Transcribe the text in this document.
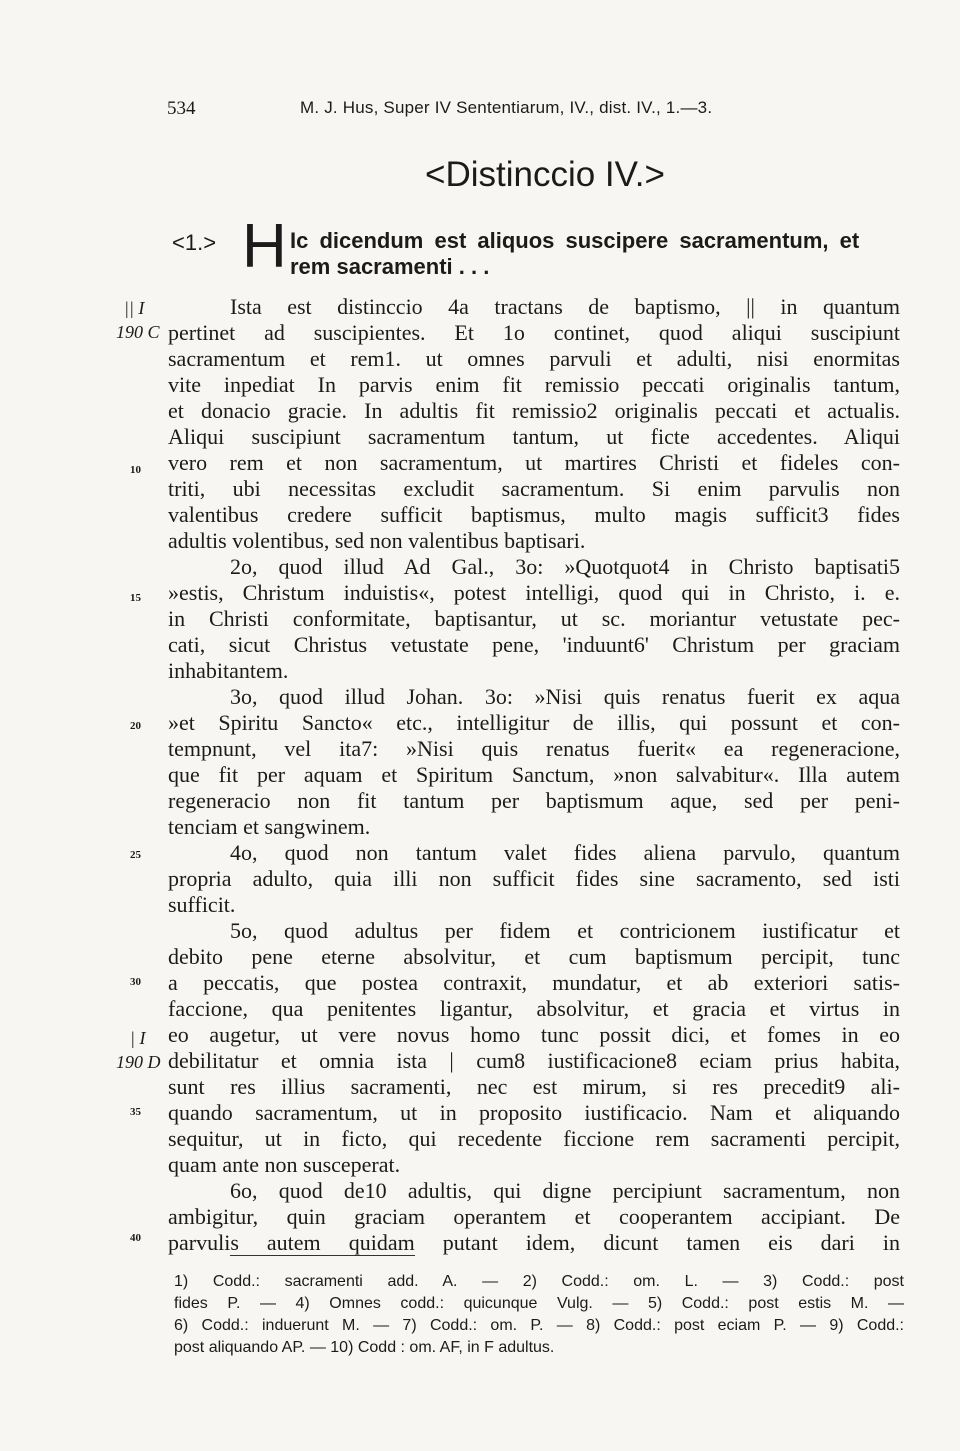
534	M. J. Hus, Super IV Sententiarum, IV., dist. IV., 1.—3.
<Distinccio IV.>
<1.> H Ic dicendum est aliquos suscipere sacramentum, et
rem sacramenti . . .
|| I
190 C
| I
190 D
10
15
20
25
30
35
40
Ista est distinccio 4a tractans de baptismo, || in quantum
pertinet ad suscipientes. Et 1o continet, quod aliqui suscipiunt
sacramentum et rem1. ut omnes parvuli et adulti, nisi enormitas
vite inpediat In parvis enim fit remissio peccati originalis tantum,
et donacio gracie. In adultis fit remissio2 originalis peccati et actualis.
Aliqui suscipiunt sacramentum tantum, ut ficte accedentes. Aliqui
vero rem et non sacramentum, ut martires Christi et fideles con-
triti, ubi necessitas excludit sacramentum. Si enim parvulis non
valentibus credere sufficit baptismus, multo magis sufficit3 fides
adultis volentibus, sed non valentibus baptisari.
2o, quod illud Ad Gal., 3o: »Quotquot4 in Christo baptisati5
»estis, Christum induistis«, potest intelligi, quod qui in Christo, i. e.
in Christi conformitate, baptisantur, ut sc. moriantur vetustate pec-
cati, sicut Christus vetustate pene, 'induunt6' Christum per graciam
inhabitantem.
3o, quod illud Johan. 3o: »Nisi quis renatus fuerit ex aqua
»et Spiritu Sancto« etc., intelligitur de illis, qui possunt et con-
tempnunt, vel ita7: »Nisi quis renatus fuerit« ea regeneracione,
que fit per aquam et Spiritum Sanctum, »non salvabitur«. Illa autem
regeneracio non fit tantum per baptismum aque, sed per peni-
tenciam et sangwinem.
4o, quod non tantum valet fides aliena parvulo, quantum
propria adulto, quia illi non sufficit fides sine sacramento, sed isti
sufficit.
5o, quod adultus per fidem et contricionem iustificatur et
debito pene eterne absolvitur, et cum baptismum percipit, tunc
a peccatis, que postea contraxit, mundatur, et ab exteriori satis-
faccione, qua penitentes ligantur, absolvitur, et gracia et virtus in
eo augetur, ut vere novus homo tunc possit dici, et fomes in eo
debilitatur et omnia ista | cum8 iustificacione8 eciam prius habita,
sunt res illius sacramenti, nec est mirum, si res precedit9 ali-
quando sacramentum, ut in proposito iustificacio. Nam et aliquando
sequitur, ut in ficto, qui recedente ficcione rem sacramenti percipit,
quam ante non susceperat.
6o, quod de10 adultis, qui digne percipiunt sacramentum, non
ambigitur, quin graciam operantem et cooperantem accipiant. De
parvulis autem quidam putant idem, dicunt tamen eis dari in
1) Codd.: sacramenti add. A. — 2) Codd.: om. L. — 3) Codd.: post
fides P. — 4) Omnes codd.: quicunque Vulg. — 5) Codd.: post estis M. —
6) Codd.: induerunt M. — 7) Codd.: om. P. — 8) Codd.: post eciam P. — 9) Codd.:
post aliquando AP. — 10) Codd : om. AF, in F adultus.
